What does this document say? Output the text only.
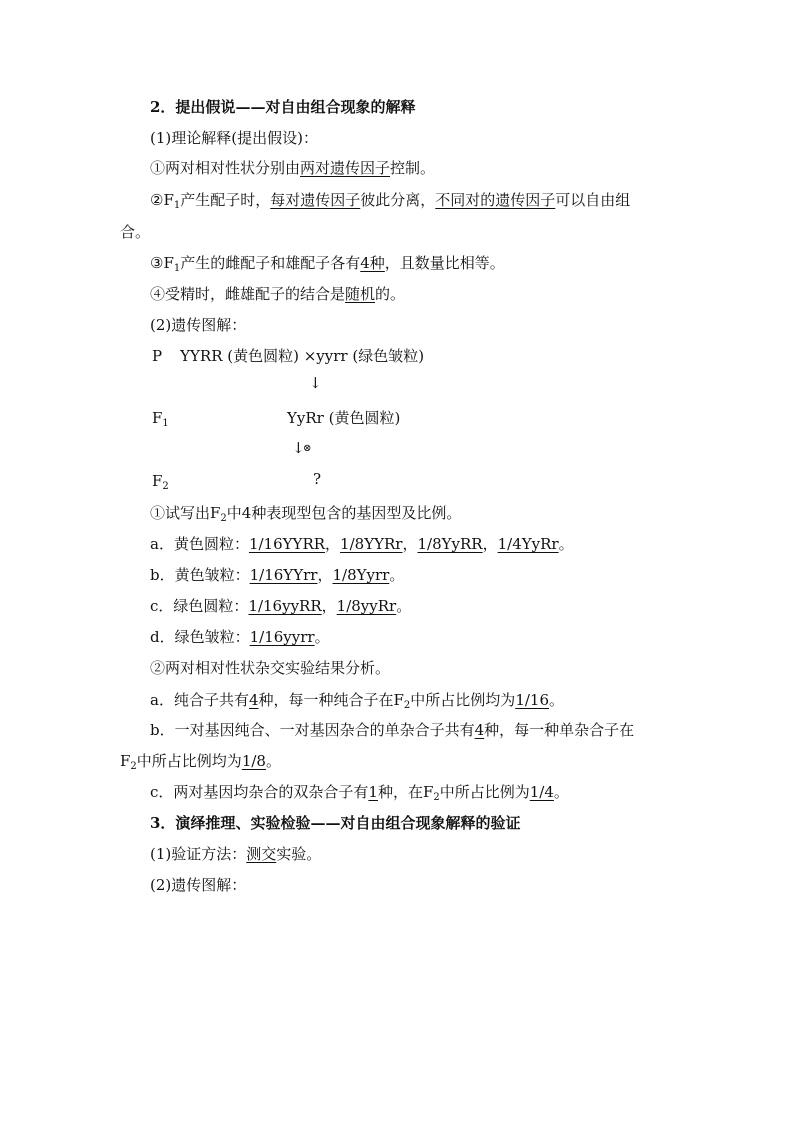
2．提出假说——对自由组合现象的解释
(1)理论解释(提出假设)：
①两对相对性状分别由两对遗传因子控制。
$②F_1$产生配子时，每对遗传因子彼此分离，不同对的遗传因子可以自由组
合。
$③F_1$产生的雌配子和雄配子各有4种，且数量比相等。
④受精时，雌雄配子的结合是随机的。
(2)遗传图解：
P YYRR (黄色圆粒) ×yyrr (绿色皱粒)
↓
$F_1$	YyRr (黄色圆粒)
↓
⊗
$F_2$	?
①试写出$F_2$中4种表现型包含的基因型及比例。
a．黄色圆粒：1/16YYRR，1/8YYRr，1/8YyRR，1/4YyRr。
b．黄色皱粒：1/16YYrr，1/8Yyrr。
c．绿色圆粒：1/16yyRR，1/8yyRr。
d．绿色皱粒：1/16yyrr。
②两对相对性状杂交实验结果分析。
a．纯合子共有4种，每一种纯合子在$F_2$中所占比例均为1/16。
b．一对基因纯合、一对基因杂合的单杂合子共有4种，每一种单杂合子在
$F_2$中所占比例均为1/8。
c．两对基因均杂合的双杂合子有1种，在$F_2$中所占比例为1/4。
3．演绎推理、实验检验——对自由组合现象解释的验证
(1)验证方法：测交实验。
(2)遗传图解：
